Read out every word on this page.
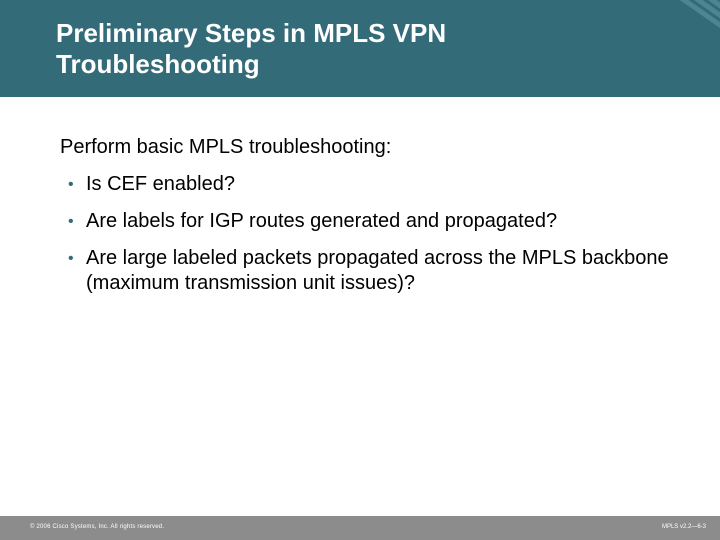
Preliminary Steps in MPLS VPN Troubleshooting

Perform basic MPLS troubleshooting:

• Is CEF enabled?
• Are labels for IGP routes generated and propagated?
• Are large labeled packets propagated across the MPLS backbone (maximum transmission unit issues)?
© 2006 Cisco Systems, Inc. All rights reserved.	MPLS v2.2—6-3
